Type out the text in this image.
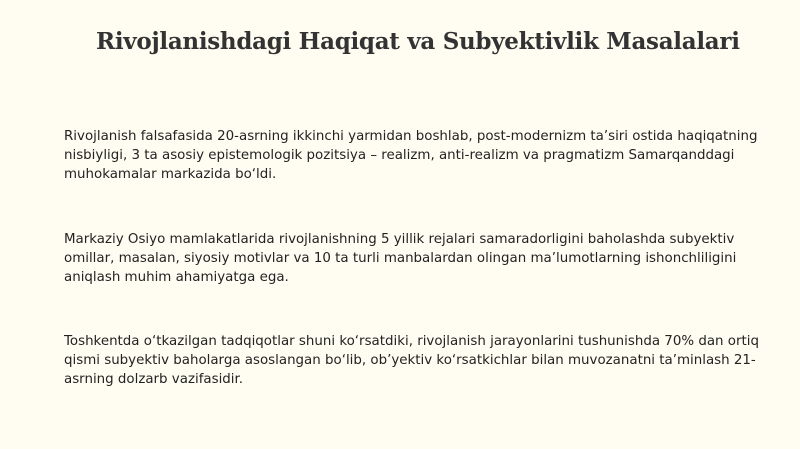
Rivojlanishdagi Haqiqat va Subyektivlik Masalalari

Rivojlanish falsafasida 20-asrning ikkinchi yarmidan boshlab, post-modernizm ta’siri ostida haqiqatning nisbiyligi, 3 ta asosiy epistemologik pozitsiya – realizm, anti-realizm va pragmatizm Samarqanddagi muhokamalar markazida bo‘ldi.

Markaziy Osiyo mamlakatlarida rivojlanishning 5 yillik rejalari samaradorligini baholashda subyektiv omillar, masalan, siyosiy motivlar va 10 ta turli manbalardan olingan ma’lumotlarning ishonchliligini aniqlash muhim ahamiyatga ega.

Toshkentda o‘tkazilgan tadqiqotlar shuni ko‘rsatdiki, rivojlanish jarayonlarini tushunishda 70% dan ortiq qismi subyektiv baholarga asoslangan bo‘lib, ob’yektiv ko‘rsatkichlar bilan muvozanatni ta’minlash 21-asrning dolzarb vazifasidir.
